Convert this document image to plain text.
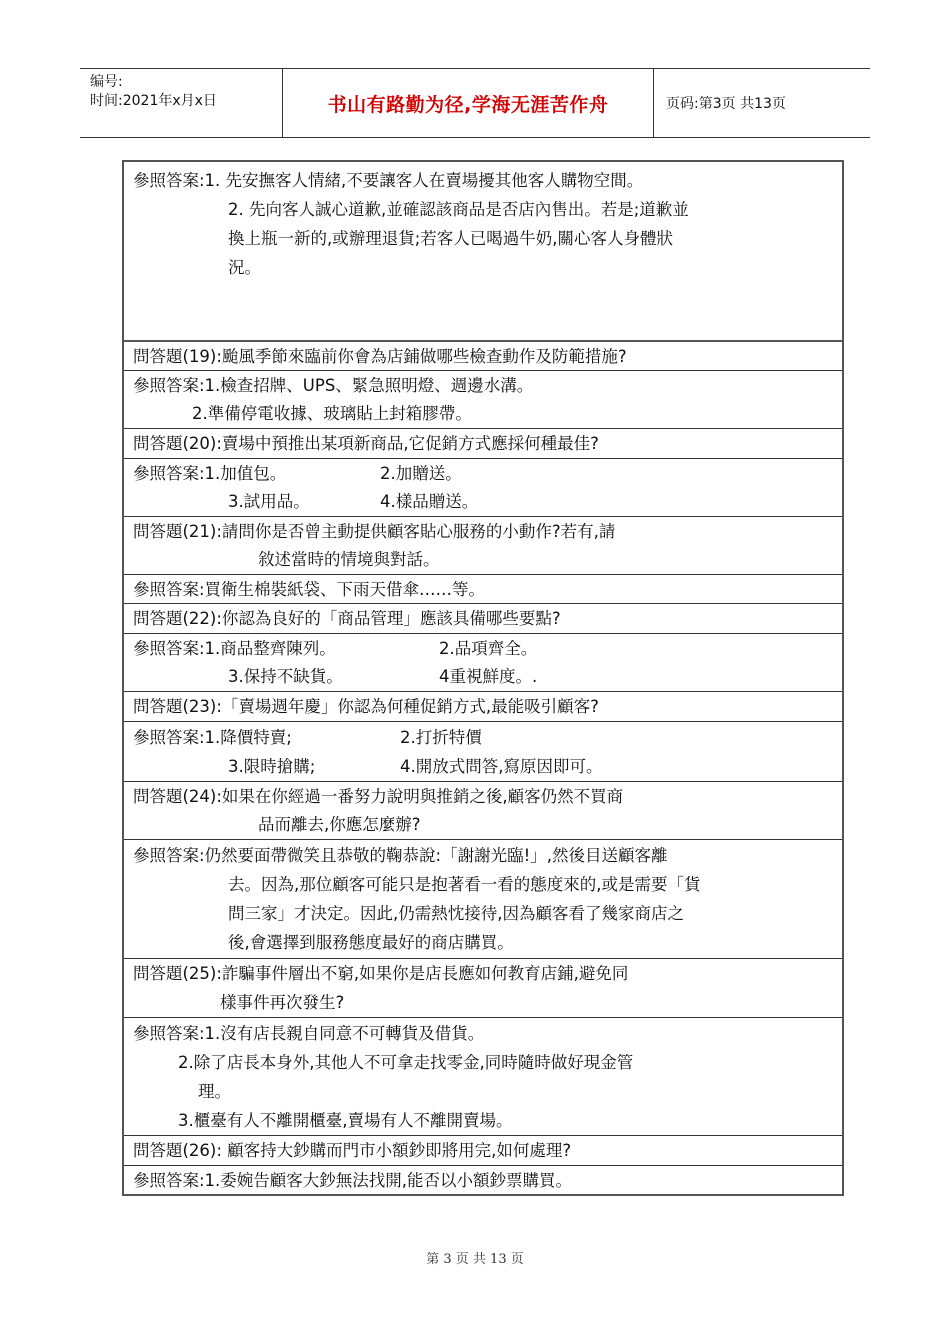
编号:
时间:2021年x月x日	书山有路勤为径,学海无涯苦作舟	页码:第3页 共13页
參照答案:1. 先安撫客人情緒,不要讓客人在賣場擾其他客人購物空間。
2. 先向客人誠心道歉,並確認該商品是否店內售出。若是;道歉並
換上瓶一新的,或辦理退貨;若客人已喝過牛奶,關心客人身體狀
況。
問答題(19):颱風季節來臨前你會為店鋪做哪些檢查動作及防範措施?
參照答案:1.檢查招牌、UPS、緊急照明燈、週邊水溝。
2.準備停電收據、玻璃貼上封箱膠帶。
問答題(20):賣場中預推出某項新商品,它促銷方式應採何種最佳?
參照答案:1.加值包。	2.加贈送。
3.試用品。	4.樣品贈送。
問答題(21):請問你是否曾主動提供顧客貼心服務的小動作?若有,請
敘述當時的情境與對話。
參照答案:買衛生棉裝紙袋、下雨天借傘……等。
問答題(22):你認為良好的「商品管理」應該具備哪些要點?
參照答案:1.商品整齊陳列。	2.品項齊全。
3.保持不缺貨。	4重視鮮度。.
問答題(23):「賣場週年慶」你認為何種促銷方式,最能吸引顧客?
參照答案:1.降價特賣;	2.打折特價
3.限時搶購;	4.開放式問答,寫原因即可。
問答題(24):如果在你經過一番努力說明與推銷之後,顧客仍然不買商
品而離去,你應怎麼辦?
參照答案:仍然要面帶微笑且恭敬的鞠恭說:「謝謝光臨!」,然後目送顧客離
去。因為,那位顧客可能只是抱著看一看的態度來的,或是需要「貨
問三家」才決定。因此,仍需熱忱接待,因為顧客看了幾家商店之
後,會選擇到服務態度最好的商店購買。
問答題(25):詐騙事件層出不窮,如果你是店長應如何教育店鋪,避免同
樣事件再次發生?
參照答案:1.沒有店長親自同意不可轉貨及借貨。
2.除了店長本身外,其他人不可拿走找零金,同時隨時做好現金管
理。
3.櫃臺有人不離開櫃臺,賣場有人不離開賣場。
問答題(26): 顧客持大鈔購而門市小額鈔即將用完,如何處理?
參照答案:1.委婉告顧客大鈔無法找開,能否以小額鈔票購買。
第 3 页 共 13 页
